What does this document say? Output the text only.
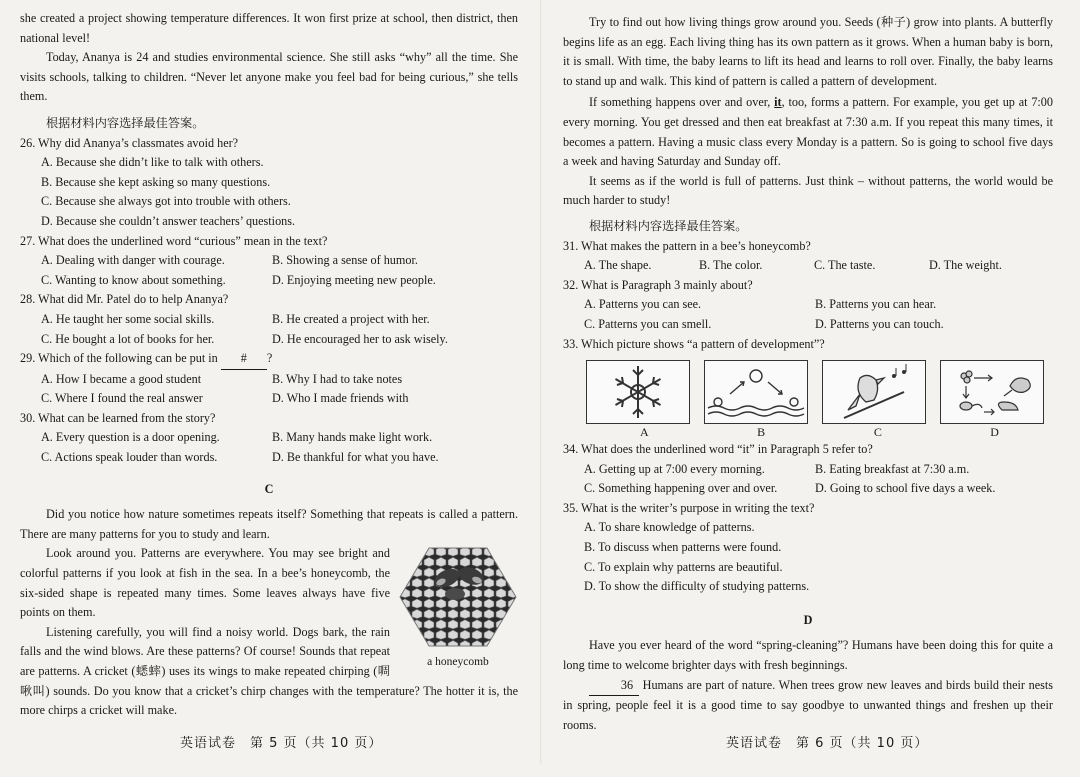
she created a project showing temperature differences. It won first prize at school, then district, then national level!

Today, Ananya is 24 and studies environmental science. She still asks “why” all the time. She visits schools, talking to children. “Never let anyone make you feel bad for being curious,” she tells them.

根据材料内容选择最佳答案。

26. Why did Ananya’s classmates avoid her?
A. Because she didn’t like to talk with others.
B. Because she kept asking so many questions.
C. Because she always got into trouble with others.
D. Because she couldn’t answer teachers’ questions.
27. What does the underlined word “curious” mean in the text?
A. Dealing with danger with courage.	B. Showing a sense of humor.
C. Wanting to know about something.	D. Enjoying meeting new people.
28. What did Mr. Patel do to help Ananya?
A. He taught her some social skills.	B. He created a project with her.
C. He bought a lot of books for her.	D. He encouraged her to ask wisely.
29. Which of the following can be put in # ?
A. How I became a good student	B. Why I had to take notes
C. Where I found the real answer	D. Who I made friends with
30. What can be learned from the story?
A. Every question is a door opening.	B. Many hands make light work.
C. Actions speak louder than words.	D. Be thankful for what you have.
C

Did you notice how nature sometimes repeats itself? Something that repeats is called a pattern. There are many patterns for you to study and learn.

a honeycomb

Look around you. Patterns are everywhere. You may see bright and colorful patterns if you look at fish in the sea. In a bee’s honeycomb, the six-sided shape is repeated many times. Some leaves always have five points on them.

Listening carefully, you will find a noisy world. Dogs bark, the rain falls and the wind blows. Are these patterns? Of course! Sounds that repeat are patterns. A cricket (蟋蟀) uses its wings to make repeated chirping (啁啾叫) sounds. Do you know that a cricket’s chirp changes with the temperature? The hotter it is, the more chirps a cricket will make.

英语试卷　第 5 页（共 10 页）

Try to find out how living things grow around you. Seeds (种子) grow into plants. A butterfly begins life as an egg. Each living thing has its own pattern as it grows. When a human baby is born, it is small. With time, the baby learns to lift its head and learns to roll over. Finally, the baby learns to stand up and walk. This kind of pattern is called a pattern of development.

If something happens over and over, it, too, forms a pattern. For example, you get up at 7:00 every morning. You get dressed and then eat breakfast at 7:30 a.m. If you repeat this many times, it becomes a pattern. Having a music class every Monday is a pattern. So is going to school five days a week and having Saturday and Sunday off.

It seems as if the world is full of patterns. Just think – without patterns, the world would be much harder to study!

根据材料内容选择最佳答案。

31. What makes the pattern in a bee’s honeycomb?
A. The shape.	B. The color.	C. The taste.	D. The weight.
32. What is Paragraph 3 mainly about?
A. Patterns you can see.	B. Patterns you can hear.
C. Patterns you can smell.	D. Patterns you can touch.
33. Which picture shows “a pattern of development”?
A	B	C	D
34. What does the underlined word “it” in Paragraph 5 refer to?
A. Getting up at 7:00 every morning.	B. Eating breakfast at 7:30 a.m.
C. Something happening over and over.	D. Going to school five days a week.
35. What is the writer’s purpose in writing the text?
A. To share knowledge of patterns.
B. To discuss when patterns were found.
C. To explain why patterns are beautiful.
D. To show the difficulty of studying patterns.
D

Have you ever heard of the word “spring-cleaning”? Humans have been doing this for quite a long time to welcome brighter days with fresh beginnings.

36 Humans are part of nature. When trees grow new leaves and birds build their nests in spring, people feel it is a good time to say goodbye to unwanted things and freshen up their rooms.

英语试卷　第 6 页（共 10 页）
